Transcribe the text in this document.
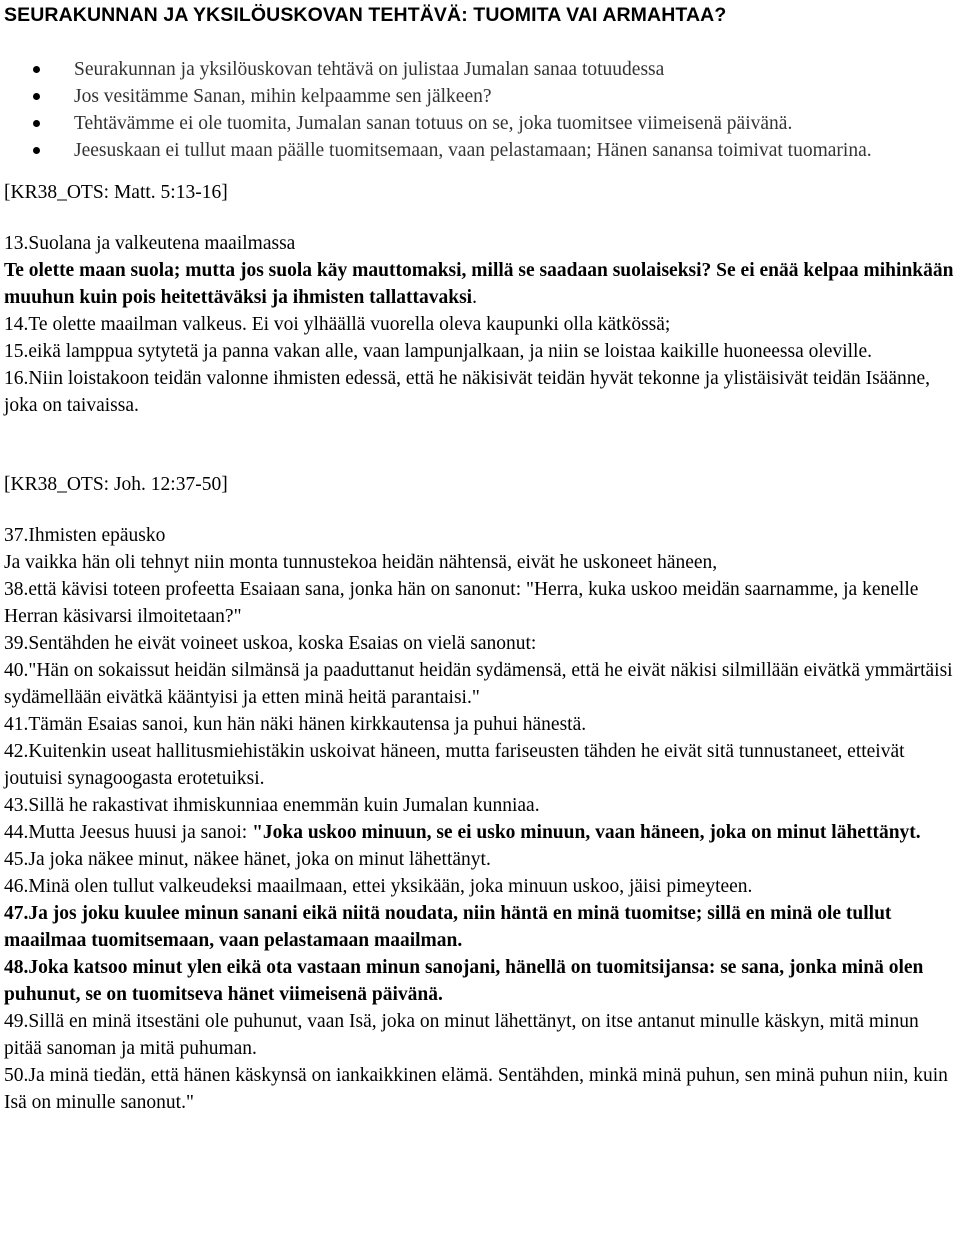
SEURAKUNNAN JA YKSILÖUSKOVAN TEHTÄVÄ: TUOMITA VAI ARMAHTAA?
Seurakunnan ja yksilöuskovan tehtävä on julistaa Jumalan sanaa totuudessa
Jos vesitämme Sanan, mihin kelpaamme sen jälkeen?
Tehtävämme ei ole tuomita, Jumalan sanan totuus on se, joka tuomitsee viimeisenä päivänä.
Jeesuskaan ei tullut maan päälle tuomitsemaan, vaan pelastamaan; Hänen sanansa toimivat tuomarina.

[KR38_OTS: Matt. 5:13-16]

13.Suolana ja valkeutena maailmassa

Te olette maan suola; mutta jos suola käy mauttomaksi, millä se saadaan suolaiseksi? Se ei enää kelpaa mihinkään muuhun kuin pois heitettäväksi ja ihmisten tallattavaksi.

14.Te olette maailman valkeus. Ei voi ylhäällä vuorella oleva kaupunki olla kätkössä;

15.eikä lamppua sytytetä ja panna vakan alle, vaan lampunjalkaan, ja niin se loistaa kaikille huoneessa oleville.

16.Niin loistakoon teidän valonne ihmisten edessä, että he näkisivät teidän hyvät tekonne ja ylistäisivät teidän Isäänne, joka on taivaissa.

[KR38_OTS: Joh. 12:37-50]

37.Ihmisten epäusko

Ja vaikka hän oli tehnyt niin monta tunnustekoa heidän nähtensä, eivät he uskoneet häneen,

38.että kävisi toteen profeetta Esaiaan sana, jonka hän on sanonut: "Herra, kuka uskoo meidän saarnamme, ja kenelle Herran käsivarsi ilmoitetaan?"

39.Sentähden he eivät voineet uskoa, koska Esaias on vielä sanonut:

40."Hän on sokaissut heidän silmänsä ja paaduttanut heidän sydämensä, että he eivät näkisi silmillään eivätkä ymmärtäisi sydämellään eivätkä kääntyisi ja etten minä heitä parantaisi."

41.Tämän Esaias sanoi, kun hän näki hänen kirkkautensa ja puhui hänestä.

42.Kuitenkin useat hallitusmiehistäkin uskoivat häneen, mutta fariseusten tähden he eivät sitä tunnustaneet, etteivät joutuisi synagoogasta erotetuiksi.

43.Sillä he rakastivat ihmiskunniaa enemmän kuin Jumalan kunniaa.

44.Mutta Jeesus huusi ja sanoi: "Joka uskoo minuun, se ei usko minuun, vaan häneen, joka on minut lähettänyt.

45.Ja joka näkee minut, näkee hänet, joka on minut lähettänyt.

46.Minä olen tullut valkeudeksi maailmaan, ettei yksikään, joka minuun uskoo, jäisi pimeyteen.

47.Ja jos joku kuulee minun sanani eikä niitä noudata, niin häntä en minä tuomitse; sillä en minä ole tullut maailmaa tuomitsemaan, vaan pelastamaan maailman.

48.Joka katsoo minut ylen eikä ota vastaan minun sanojani, hänellä on tuomitsijansa: se sana, jonka minä olen puhunut, se on tuomitseva hänet viimeisenä päivänä.

49.Sillä en minä itsestäni ole puhunut, vaan Isä, joka on minut lähettänyt, on itse antanut minulle käskyn, mitä minun pitää sanoman ja mitä puhuman.

50.Ja minä tiedän, että hänen käskynsä on iankaikkinen elämä. Sentähden, minkä minä puhun, sen minä puhun niin, kuin Isä on minulle sanonut."
